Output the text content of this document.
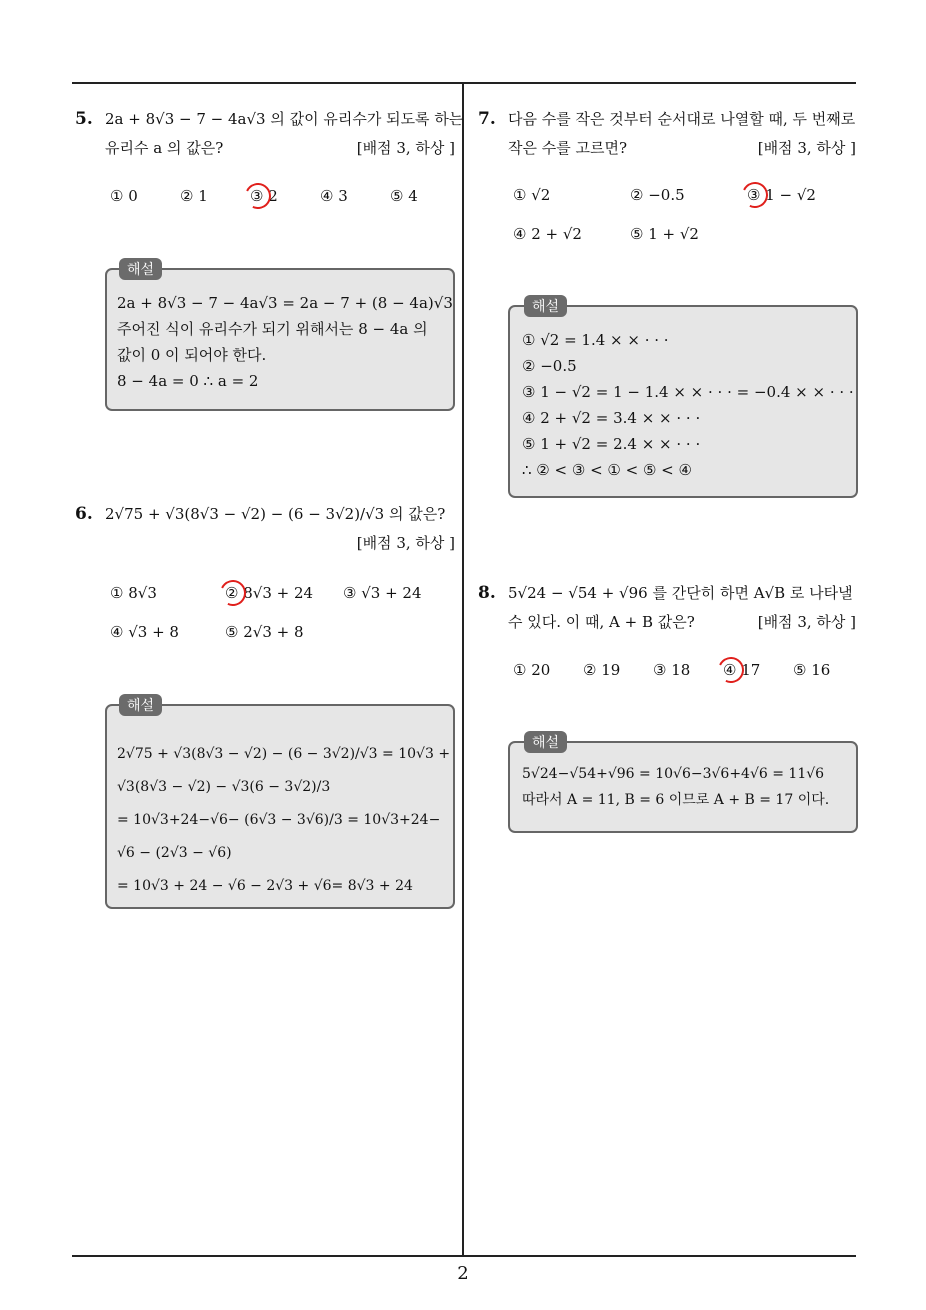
5. 2a + 8√3 − 7 − 4a√3 의 값이 유리수가 되도록 하는
유리수 a 의 값은?	[배점 3, 하상 ]
① 0	② 1	③ 2	④ 3	⑤ 4
해설
2a + 8√3 − 7 − 4a√3 = 2a − 7 + (8 − 4a)√3
주어진 식이 유리수가 되기 위해서는 8 − 4a 의
값이 0 이 되어야 한다.
8 − 4a = 0 ∴ a = 2
6. 2√75 + √3(8√3 − √2) − (6 − 3√2)/√3 의 값은?
[배점 3, 하상 ]
① 8√3	② 8√3 + 24 ③ √3 + 24
④ √3 + 8	⑤ 2√3 + 8
해설
2√75 + √3(8√3 − √2) − (6 − 3√2)/√3 = 10√3 +
√3(8√3 − √2) − √3(6 − 3√2)/3
= 10√3+24−√6− (6√3 − 3√6)/3 = 10√3+24−
√6 − (2√3 − √6)
= 10√3 + 24 − √6 − 2√3 + √6= 8√3 + 24
7. 다음 수를 작은 것부터 순서대로 나열할 때, 두 번째로
작은 수를 고르면?	[배점 3, 하상 ]
① √2	② −0.5	③ 1 − √2
④ 2 + √2	⑤ 1 + √2
해설
① √2 = 1.4 × × · · ·
② −0.5
③ 1 − √2 = 1 − 1.4 × × · · · = −0.4 × × · · ·
④ 2 + √2 = 3.4 × × · · ·
⑤ 1 + √2 = 2.4 × × · · ·
∴ ② < ③ < ① < ⑤ < ④
8. 5√24 − √54 + √96 를 간단히 하면 A√B 로 나타낼
수 있다. 이 때, A + B 값은?	[배점 3, 하상 ]
① 20 ② 19 ③ 18 ④ 17 ⑤ 16
해설
5√24−√54+√96 = 10√6−3√6+4√6 = 11√6
따라서 A = 11, B = 6 이므로 A + B = 17 이다.
2
